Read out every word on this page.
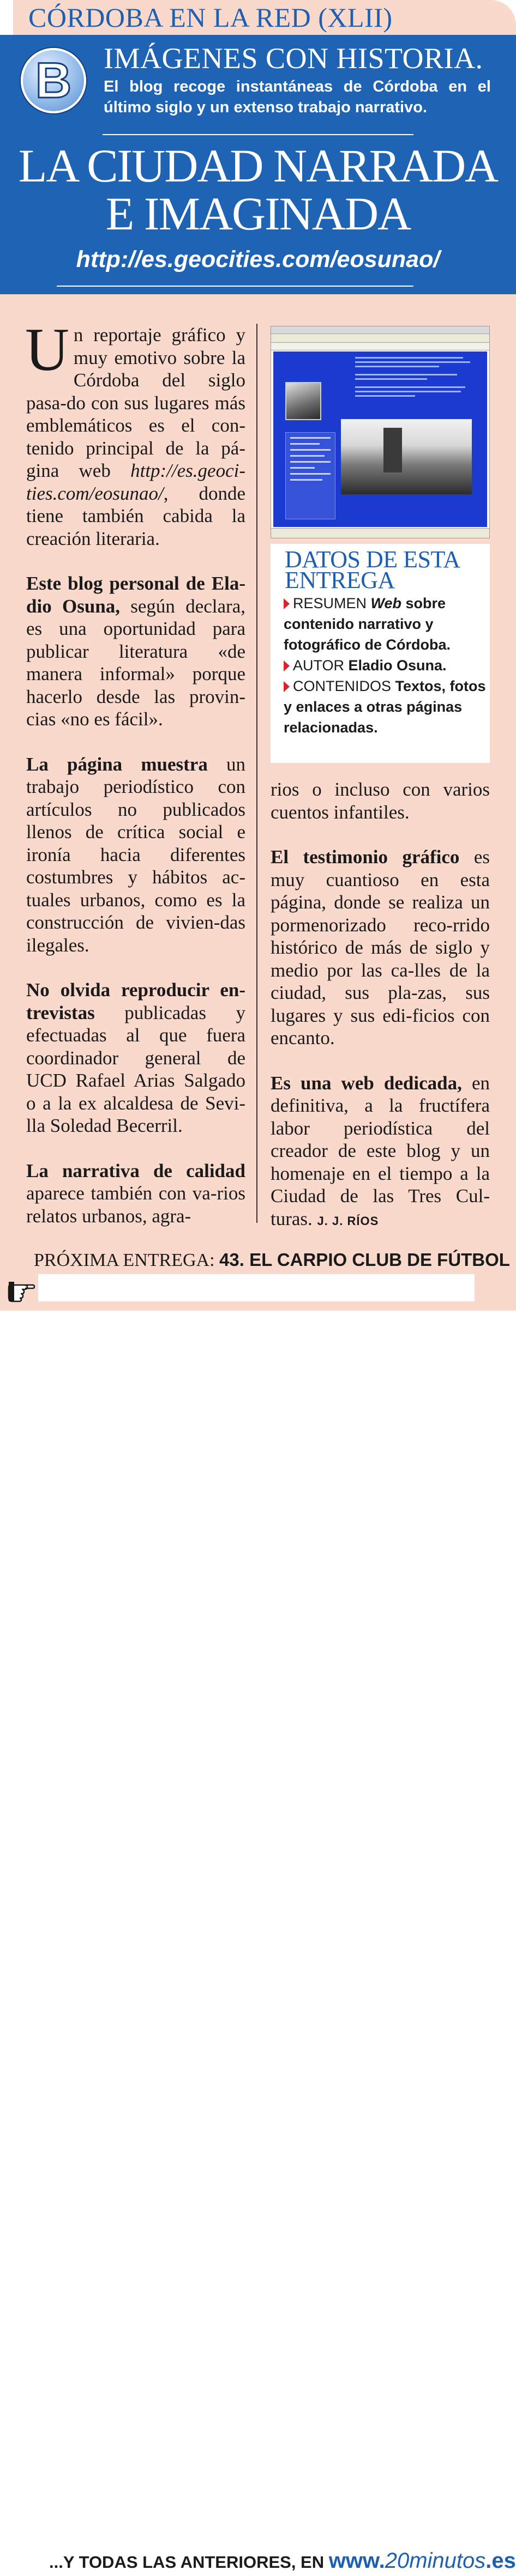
CÓRDOBA EN LA RED (XLII)
B	IMÁGENES CON HISTORIA.
El blog recoge instantáneas de Córdoba en el último siglo y un extenso trabajo narrativo.
LA CIUDAD NARRADA
E IMAGINADA
http://es.geocities.com/eosunao/

Un reportaje gráfico y muy emotivo sobre la Córdoba del siglo pasa-do con sus lugares más emblemáticos es el con-tenido principal de la pá-gina web http://es.geoci-ties.com/eosunao/, donde tiene también cabida la creación literaria.

Este blog personal de Ela-dio Osuna, según declara, es una oportunidad para publicar literatura «de manera informal» porque hacerlo desde las provin-cias «no es fácil».

La página muestra un trabajo periodístico con artículos no publicados llenos de crítica social e ironía hacia diferentes costumbres y hábitos ac-tuales urbanos, como es la construcción de vivien-das ilegales.

No olvida reproducir en-trevistas publicadas y efectuadas al que fuera coordinador general de UCD Rafael Arias Salgado o a la ex alcaldesa de Sevi-lla Soledad Becerril.

La narrativa de calidad aparece también con va-rios relatos urbanos, agra-

DATOS DE ESTA ENTREGA
RESUMEN Web sobre contenido narrativo y fotográfico de Córdoba.
AUTOR Eladio Osuna.
CONTENIDOS Textos, fotos y enlaces a otras páginas relacionadas.

rios o incluso con varios cuentos infantiles.

El testimonio gráfico es muy cuantioso en esta página, donde se realiza un pormenorizado reco-rrido histórico de más de siglo y medio por las ca-lles de la ciudad, sus pla-zas, sus lugares y sus edi-ficios con encanto.

Es una web dedicada, en definitiva, a la fructífera labor periodística del creador de este blog y un homenaje en el tiempo a la Ciudad de las Tres Cul-turas. J. J. RÍOS

PRÓXIMA ENTREGA: 43. EL CARPIO CLUB DE FÚTBOL
...Y TODAS LAS ANTERIORES, EN www.20minutos.es
